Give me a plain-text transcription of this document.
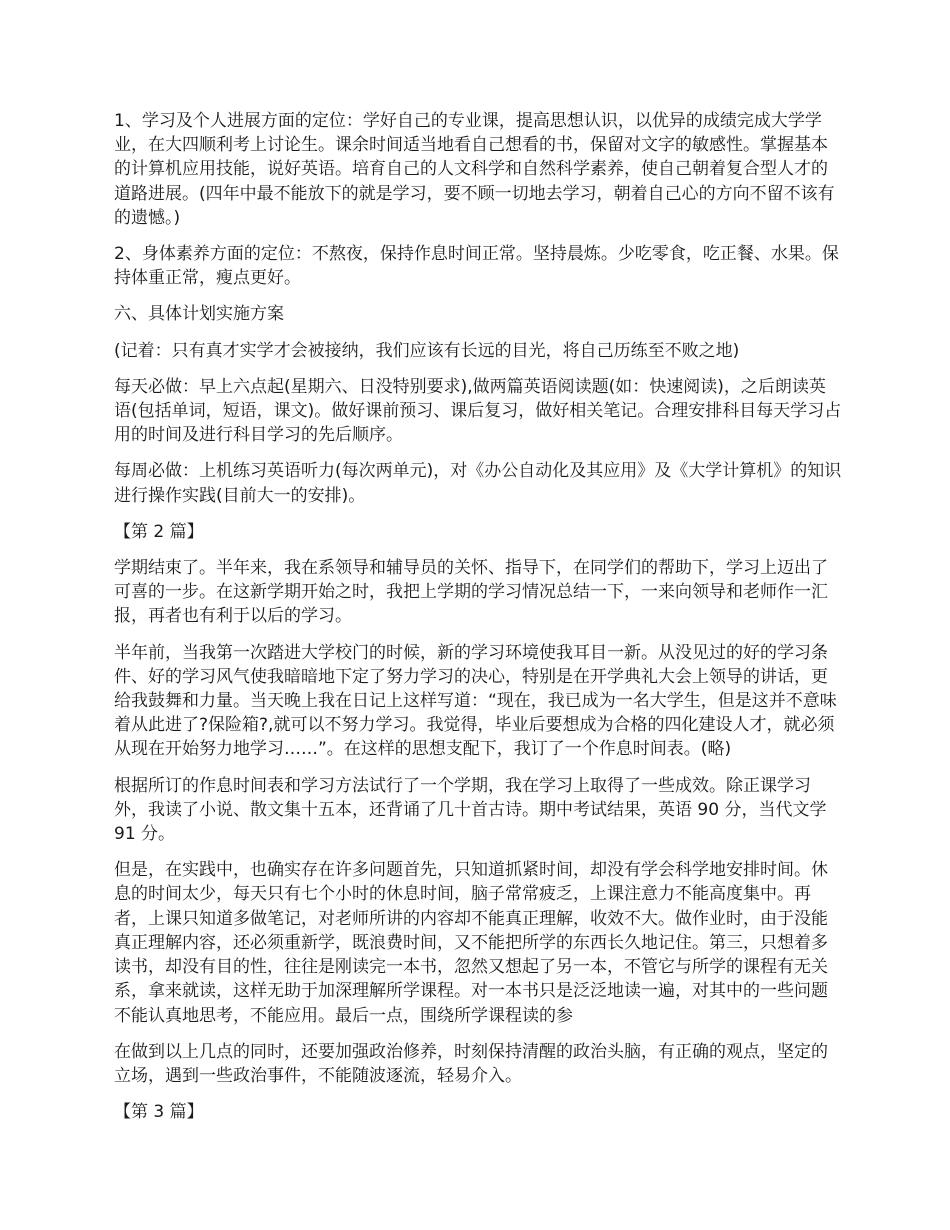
1、学习及个人进展方面的定位：学好自己的专业课，提高思想认识，以优异的成绩完成大学学业，在大四顺利考上讨论生。课余时间适当地看自己想看的书，保留对文字的敏感性。掌握基本的计算机应用技能，说好英语。培育自己的人文科学和自然科学素养，使自己朝着复合型人才的道路进展。(四年中最不能放下的就是学习，要不顾一切地去学习，朝着自己心的方向不留不该有的遗憾。)

2、身体素养方面的定位：不熬夜，保持作息时间正常。坚持晨炼。少吃零食，吃正餐、水果。保持体重正常，瘦点更好。

六、具体计划实施方案

(记着：只有真才实学才会被接纳，我们应该有长远的目光，将自己历练至不败之地)

每天必做：早上六点起(星期六、日没特别要求),做两篇英语阅读题(如：快速阅读)，之后朗读英语(包括单词，短语，课文)。做好课前预习、课后复习，做好相关笔记。合理安排科目每天学习占用的时间及进行科目学习的先后顺序。

每周必做：上机练习英语听力(每次两单元)，对《办公自动化及其应用》及《大学计算机》的知识进行操作实践(目前大一的安排)。

【第 2 篇】

学期结束了。半年来，我在系领导和辅导员的关怀、指导下，在同学们的帮助下，学习上迈出了可喜的一步。在这新学期开始之时，我把上学期的学习情况总结一下，一来向领导和老师作一汇报，再者也有利于以后的学习。

半年前，当我第一次踏进大学校门的时候，新的学习环境使我耳目一新。从没见过的好的学习条件、好的学习风气使我暗暗地下定了努力学习的决心，特别是在开学典礼大会上领导的讲话，更给我鼓舞和力量。当天晚上我在日记上这样写道：“现在，我已成为一名大学生，但是这并不意味着从此进了?保险箱?,就可以不努力学习。我觉得，毕业后要想成为合格的四化建设人才，就必须从现在开始努力地学习……”。在这样的思想支配下，我订了一个作息时间表。(略)

根据所订的作息时间表和学习方法试行了一个学期，我在学习上取得了一些成效。除正课学习外，我读了小说、散文集十五本，还背诵了几十首古诗。期中考试结果，英语 90 分，当代文学 91 分。

但是，在实践中，也确实存在许多问题首先，只知道抓紧时间，却没有学会科学地安排时间。休息的时间太少，每天只有七个小时的休息时间，脑子常常疲乏，上课注意力不能高度集中。再者，上课只知道多做笔记，对老师所讲的内容却不能真正理解，收效不大。做作业时，由于没能真正理解内容，还必须重新学，既浪费时间，又不能把所学的东西长久地记住。第三，只想着多读书，却没有目的性，往往是刚读完一本书，忽然又想起了另一本，不管它与所学的课程有无关系，拿来就读，这样无助于加深理解所学课程。对一本书只是泛泛地读一遍，对其中的一些问题不能认真地思考，不能应用。最后一点，围绕所学课程读的参

在做到以上几点的同时，还要加强政治修养，时刻保持清醒的政治头脑，有正确的观点，坚定的立场，遇到一些政治事件，不能随波逐流，轻易介入。

【第 3 篇】
